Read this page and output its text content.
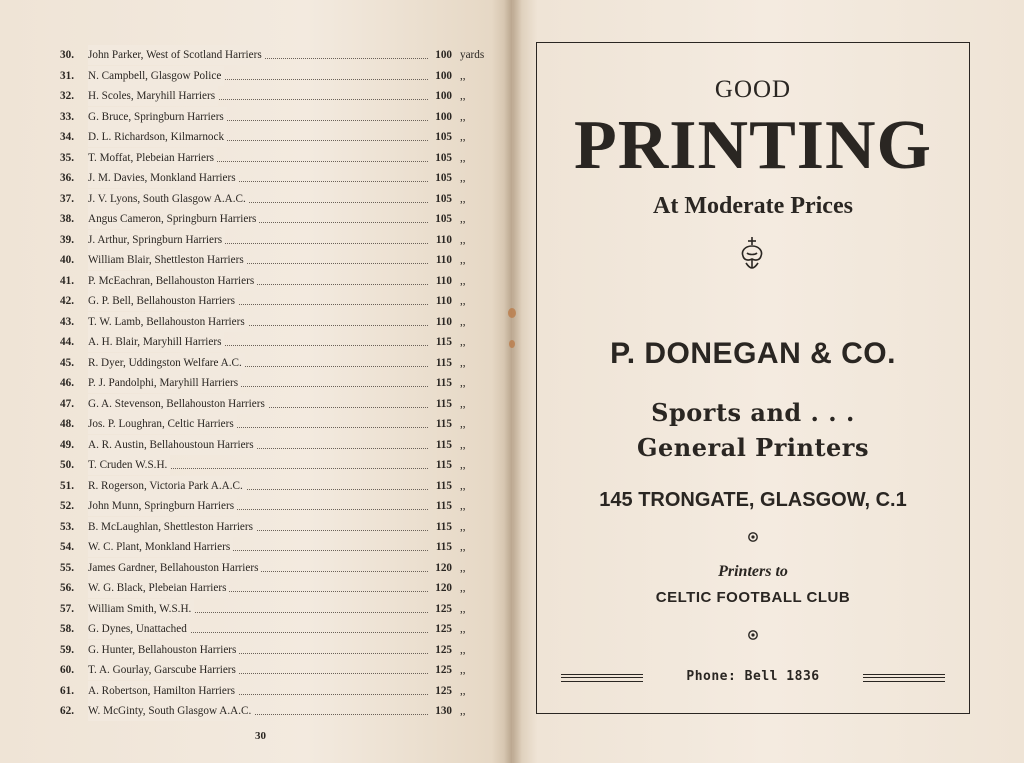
30.	John Parker, West of Scotland Harriers	100 yards
31.	N. Campbell, Glasgow Police	100 ,,
32.	H. Scoles, Maryhill Harriers	100 ,,
33.	G. Bruce, Springburn Harriers	100 ,,
34.	D. L. Richardson, Kilmarnock	105 ,,
35.	T. Moffat, Plebeian Harriers	105 ,,
36.	J. M. Davies, Monkland Harriers	105 ,,
37.	J. V. Lyons, South Glasgow A.A.C.	105 ,,
38.	Angus Cameron, Springburn Harriers	105 ,,
39.	J. Arthur, Springburn Harriers	110 ,,
40.	William Blair, Shettleston Harriers	110 ,,
41.	P. McEachran, Bellahouston Harriers	110 ,,
42.	G. P. Bell, Bellahouston Harriers	110 ,,
43.	T. W. Lamb, Bellahouston Harriers	110 ,,
44.	A. H. Blair, Maryhill Harriers	115 ,,
45.	R. Dyer, Uddingston Welfare A.C.	115 ,,
46.	P. J. Pandolphi, Maryhill Harriers	115 ,,
47.	G. A. Stevenson, Bellahouston Harriers	115 ,,
48.	Jos. P. Loughran, Celtic Harriers	115 ,,
49.	A. R. Austin, Bellahoustoun Harriers	115 ,,
50.	T. Cruden W.S.H.	115 ,,
51.	R. Rogerson, Victoria Park A.A.C.	115 ,,
52.	John Munn, Springburn Harriers	115 ,,
53.	B. McLaughlan, Shettleston Harriers	115 ,,
54.	W. C. Plant, Monkland Harriers	115 ,,
55.	James Gardner, Bellahouston Harriers	120 ,,
56.	W. G. Black, Plebeian Harriers	120 ,,
57.	William Smith, W.S.H.	125 ,,
58.	G. Dynes, Unattached	125 ,,
59.	G. Hunter, Bellahouston Harriers	125 ,,
60.	T. A. Gourlay, Garscube Harriers	125 ,,
61.	A. Robertson, Hamilton Harriers	125 ,,
62.	W. McGinty, South Glasgow A.A.C.	130 ,,
30
GOOD
PRINTING
At Moderate Prices
P. DONEGAN & CO.
Sports and . . .
General Printers
145 TRONGATE, GLASGOW, C.1
Printers to
CELTIC FOOTBALL CLUB
Phone: Bell 1836
